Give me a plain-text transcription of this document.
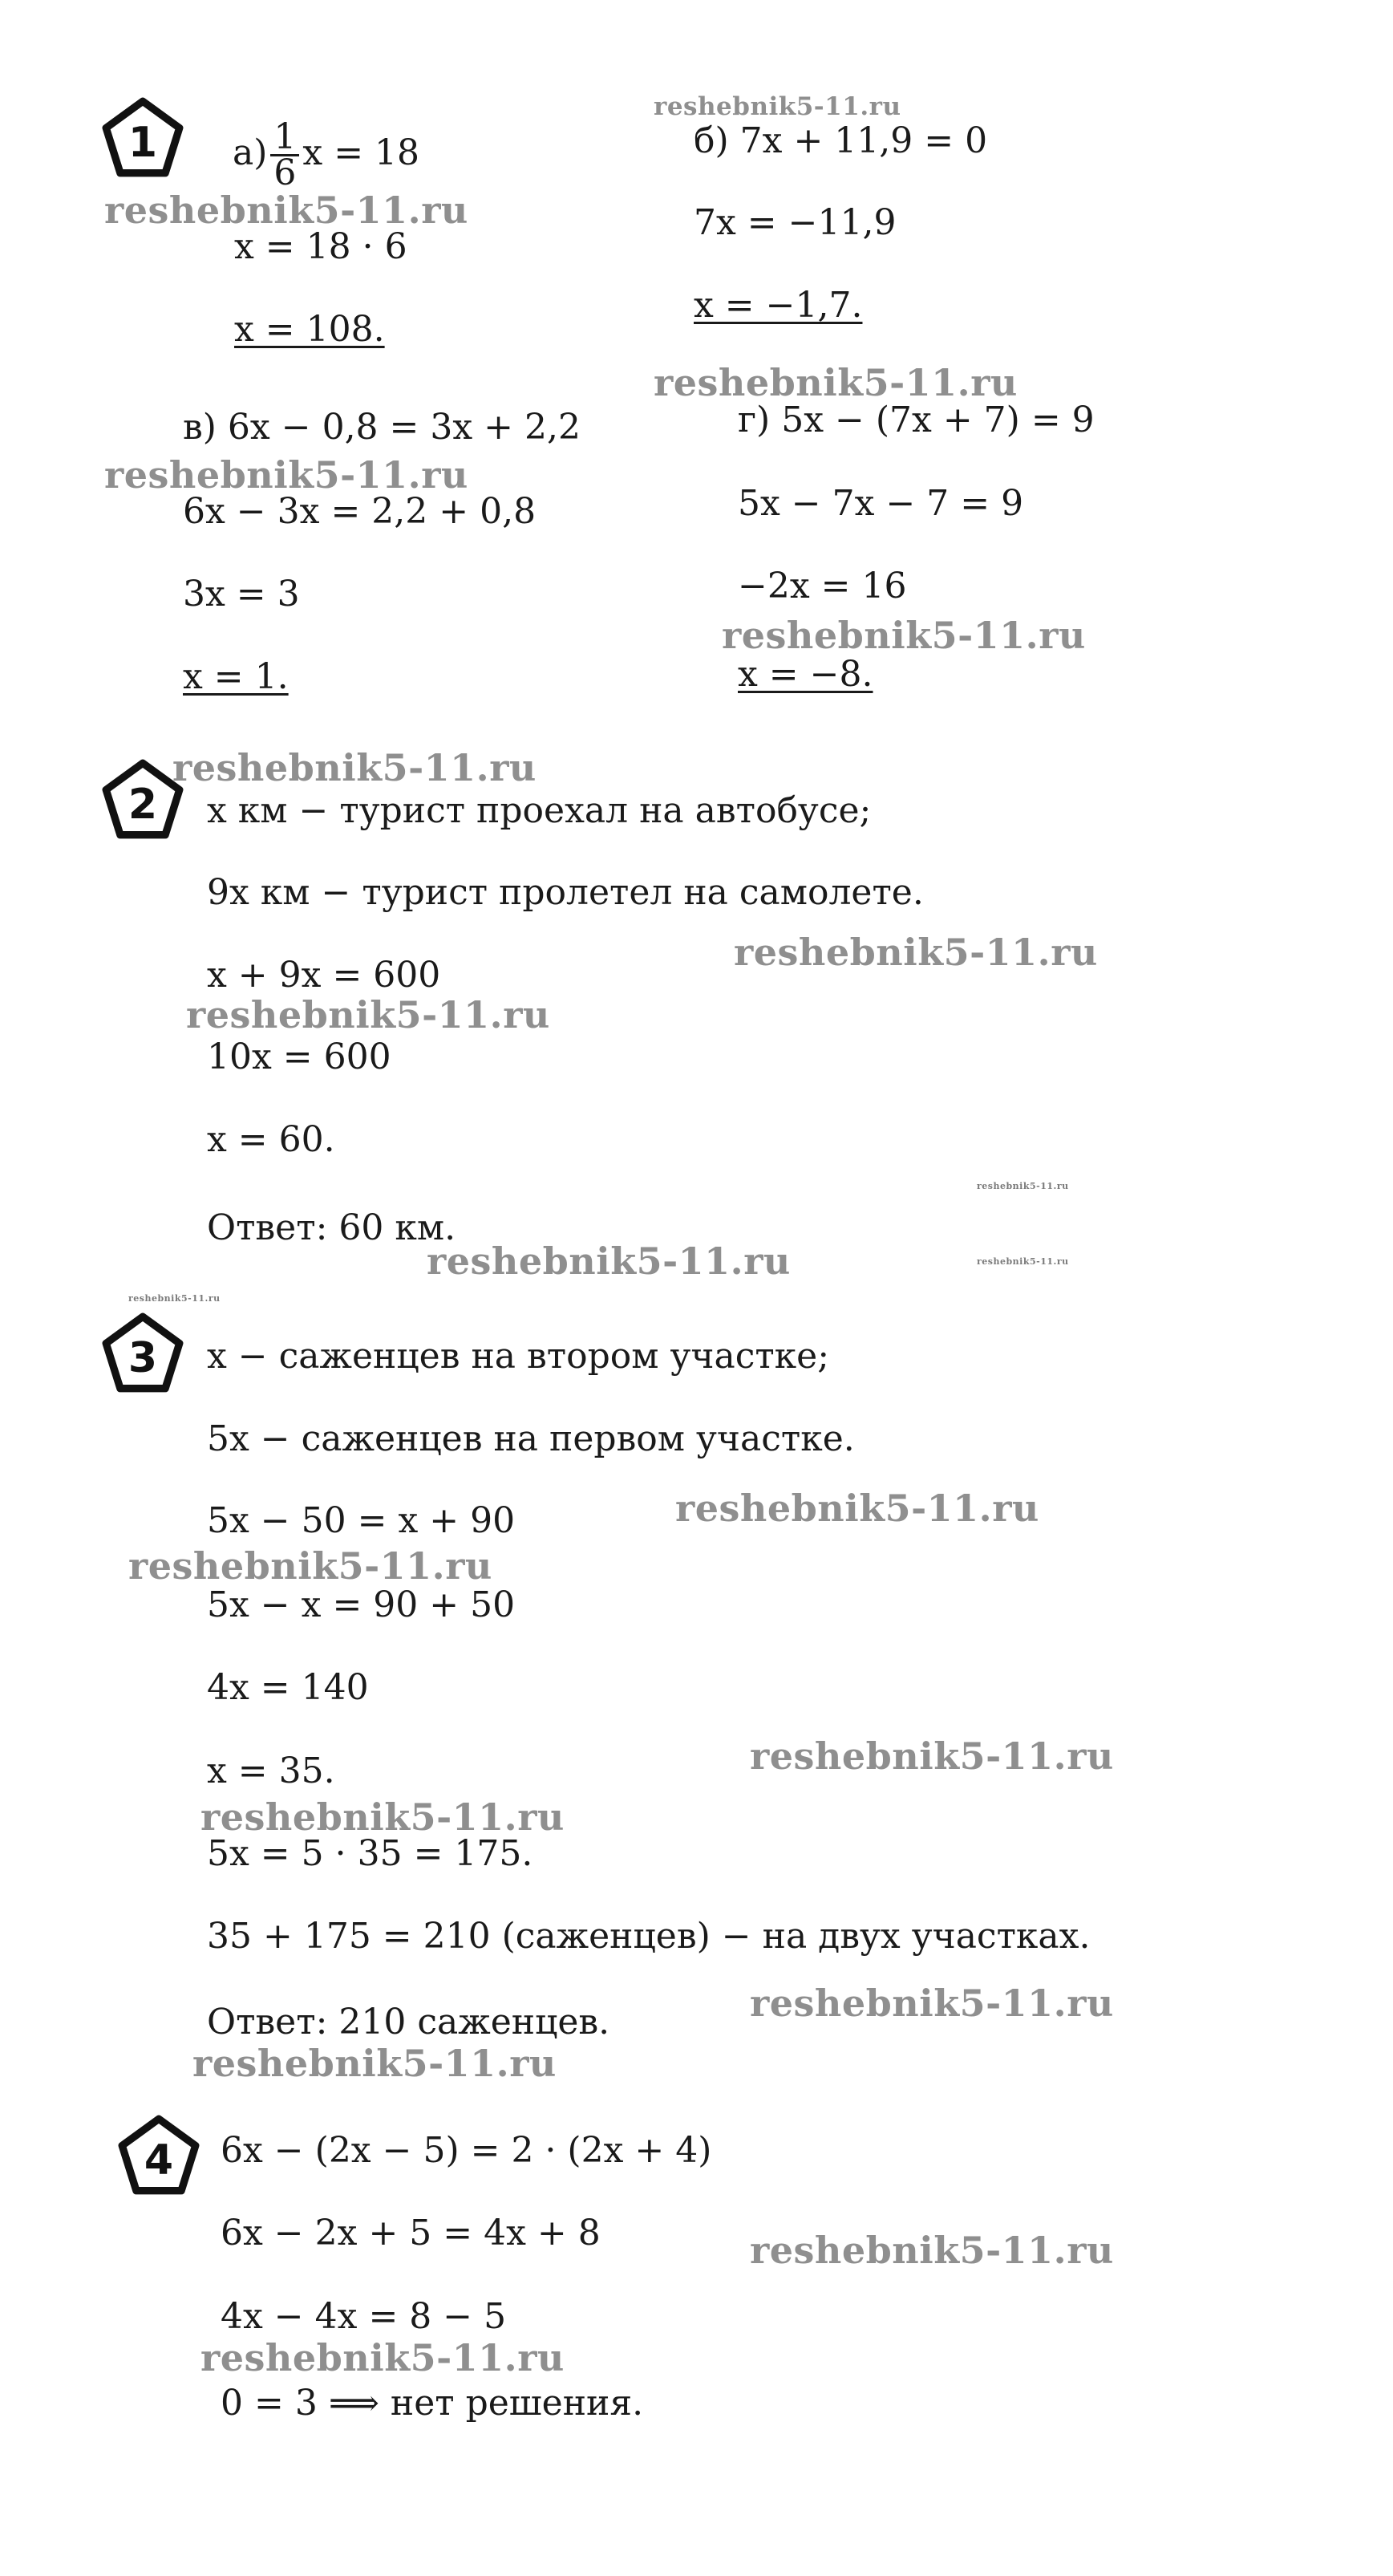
1
2
3
4
$а) \frac{1}{6}$ x = 18
x = 18 · 6
x = 108.
б) 7x + 11,9 = 0
7x = −11,9
x = −1,7.
в) 6x − 0,8 = 3x + 2,2
6x − 3x = 2,2 + 0,8
3x = 3
x = 1.
г) 5x − (7x + 7) = 9
5x − 7x − 7 = 9
−2x = 16
x = −8.
x км − турист проехал на автобусе;
9x км − турист пролетел на самолете.
x + 9x = 600
10x = 600
x = 60.
Ответ: 60 км.
x − саженцев на втором участке;
5x − саженцев на первом участке.
5x − 50 = x + 90
5x − x = 90 + 50
4x = 140
x = 35.
5x = 5 · 35 = 175.
35 + 175 = 210 (саженцев) − на двух участках.
Ответ: 210 саженцев.
6x − (2x − 5) = 2 · (2x + 4)
6x − 2x + 5 = 4x + 8
4x − 4x = 8 − 5
0 = 3 ⟹ нет решения.
reshebnik5-11.ru
reshebnik5-11.ru
reshebnik5-11.ru
reshebnik5-11.ru
reshebnik5-11.ru
reshebnik5-11.ru
reshebnik5-11.ru
reshebnik5-11.ru
reshebnik5-11.ru
reshebnik5-11.ru	reshebnik5-11.ru
reshebnik5-11.ru
reshebnik5-11.ru
reshebnik5-11.ru
reshebnik5-11.ru
reshebnik5-11.ru
reshebnik5-11.ru
reshebnik5-11.ru
reshebnik5-11.ru
reshebnik5-11.ru
